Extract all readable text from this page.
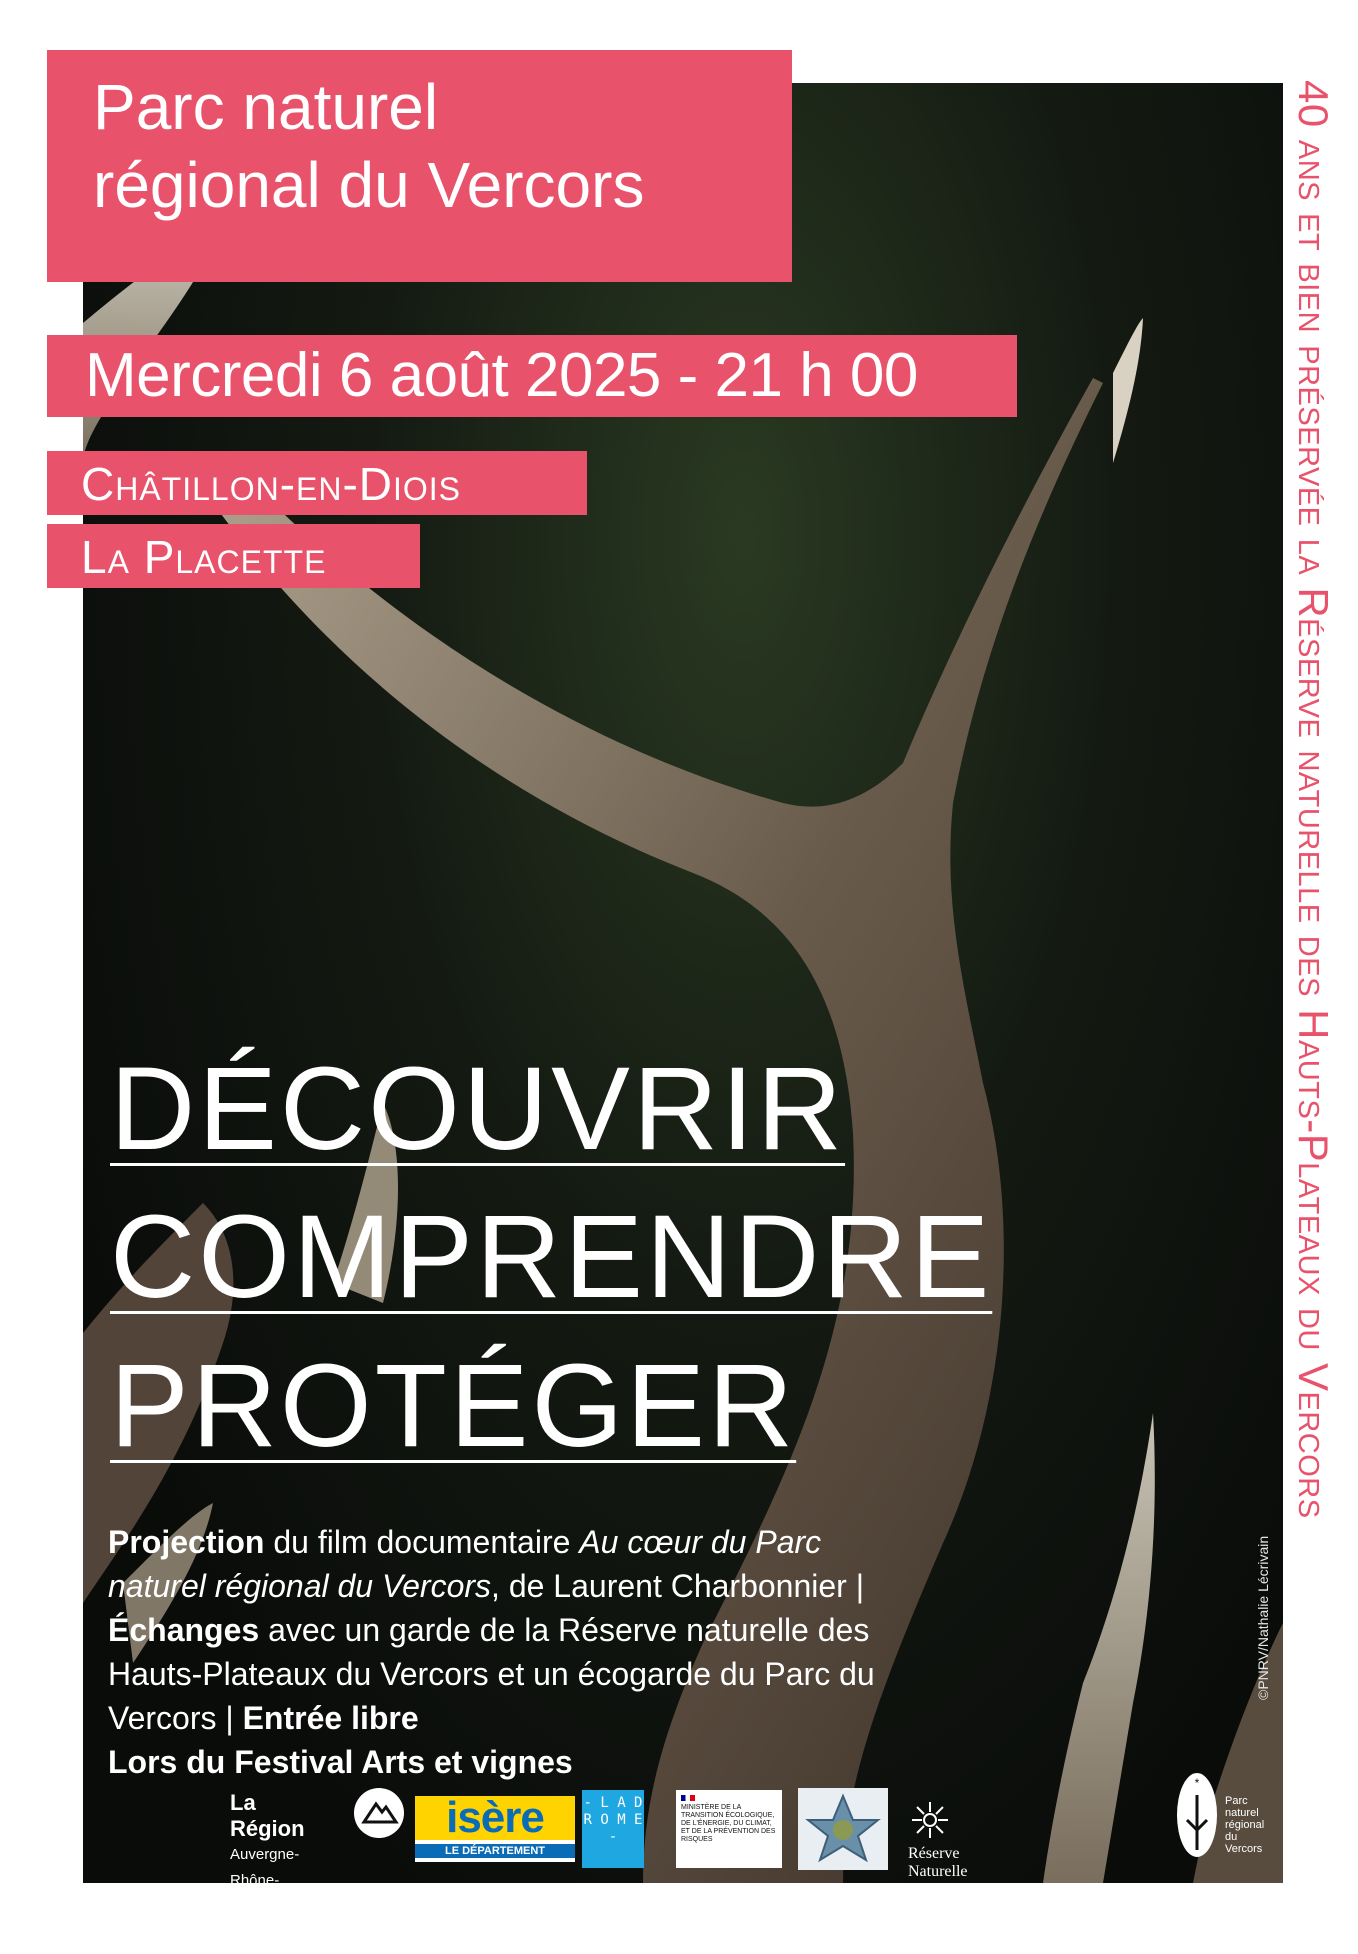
Parc naturel
régional du Vercors
Mercredi 6 août 2025 - 21 h 00
Châtillon-en-Diois
La Placette
DÉCOUVRIR
COMPRENDRE
PROTÉGER
Projection du film documentaire Au cœur du Parc naturel régional du Vercors, de Laurent Charbonnier | Échanges avec un garde de la Réserve naturelle des Hauts-Plateaux du Vercors et un écogarde du Parc du Vercors | Entrée libre
Lors du Festival Arts et vignes
©PNRV/Nathalie Lécrivain
40 ans et bien préservée la Réserve naturelle des Hauts-Plateaux du Vercors
La Région
Auvergne-Rhône-Alpes
isère
LE DÉPARTEMENT
- L A D R O M E -
MINISTÈRE DE LA TRANSITION ÉCOLOGIQUE, DE L'ÉNERGIE, DU CLIMAT, ET DE LA PRÉVENTION DES RISQUES
Réserve Naturelle
HAUTS PLATEAUX DU VERCORS
*
Parc
naturel
régional
du Vercors
